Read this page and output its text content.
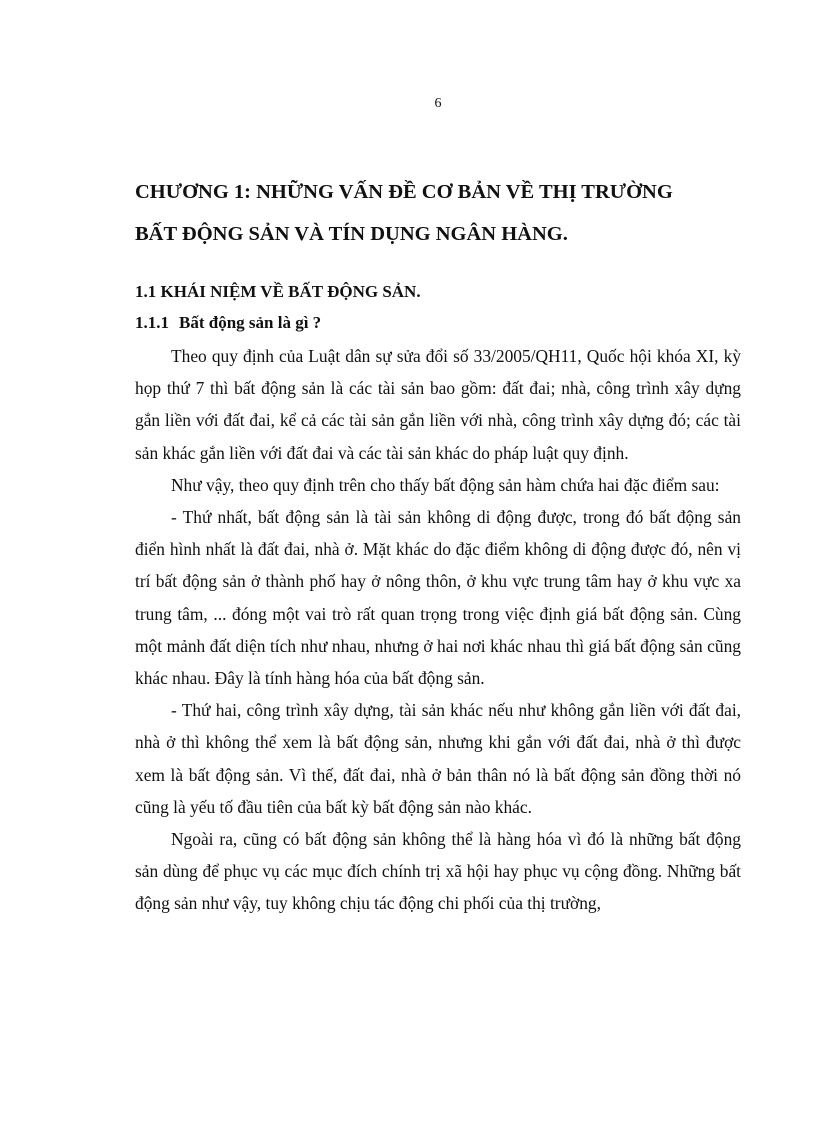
6
CHƯƠNG 1: NHỮNG VẤN ĐỀ CƠ BẢN VỀ THỊ TRƯỜNG
BẤT ĐỘNG SẢN VÀ TÍN DỤNG NGÂN HÀNG.
1.1 KHÁI NIỆM VỀ BẤT ĐỘNG SẢN.
1.1.1 Bất động sản là gì ?

Theo quy định của Luật dân sự sửa đổi số 33/2005/QH11, Quốc hội khóa XI, kỳ họp thứ 7 thì bất động sản là các tài sản bao gồm: đất đai; nhà, công trình xây dựng gắn liền với đất đai, kể cả các tài sản gắn liền với nhà, công trình xây dựng đó; các tài sản khác gắn liền với đất đai và các tài sản khác do pháp luật quy định.

Như vậy, theo quy định trên cho thấy bất động sản hàm chứa hai đặc điểm sau:

- Thứ nhất, bất động sản là tài sản không di động được, trong đó bất động sản điển hình nhất là đất đai, nhà ở. Mặt khác do đặc điểm không di động được đó, nên vị trí bất động sản ở thành phố hay ở nông thôn, ở khu vực trung tâm hay ở khu vực xa trung tâm, ... đóng một vai trò rất quan trọng trong việc định giá bất động sản. Cùng một mảnh đất diện tích như nhau, nhưng ở hai nơi khác nhau thì giá bất động sản cũng khác nhau. Đây là tính hàng hóa của bất động sản.

- Thứ hai, công trình xây dựng, tài sản khác nếu như không gắn liền với đất đai, nhà ở thì không thể xem là bất động sản, nhưng khi gắn với đất đai, nhà ở thì được xem là bất động sản. Vì thế, đất đai, nhà ở bản thân nó là bất động sản đồng thời nó cũng là yếu tố đầu tiên của bất kỳ bất động sản nào khác.

Ngoài ra, cũng có bất động sản không thể là hàng hóa vì đó là những bất động sản dùng để phục vụ các mục đích chính trị xã hội hay phục vụ cộng đồng. Những bất động sản như vậy, tuy không chịu tác động chi phối của thị trường,
